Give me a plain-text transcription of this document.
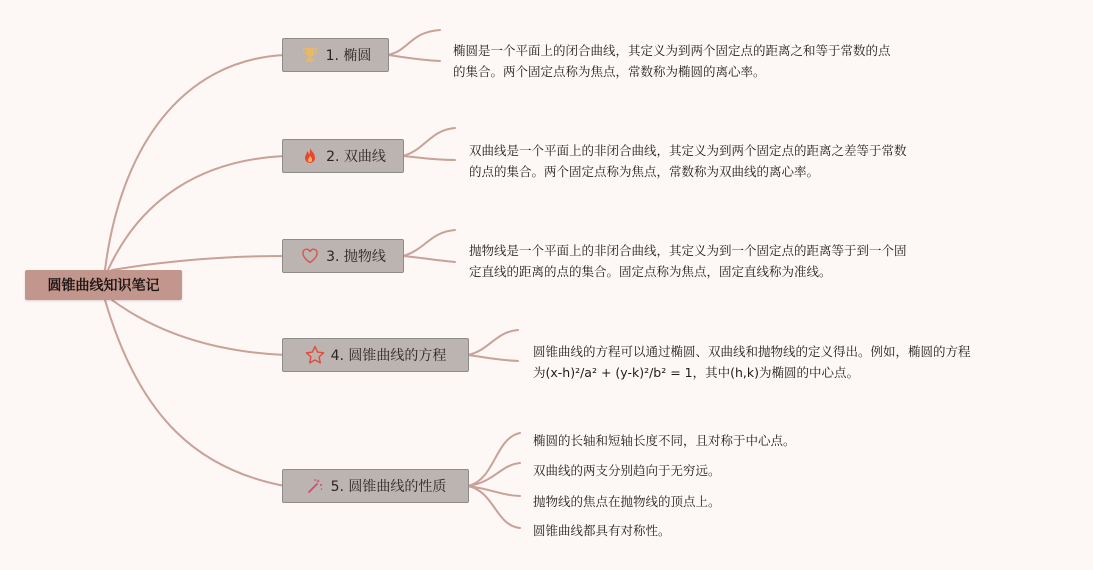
圆锥曲线知识笔记
1. 椭圆	椭圆是一个平面上的闭合曲线，其定义为到两个固定点的距离之和等于常数的点
的集合。两个固定点称为焦点，常数称为椭圆的离心率。
2. 双曲线	双曲线是一个平面上的非闭合曲线，其定义为到两个固定点的距离之差等于常数
的点的集合。两个固定点称为焦点，常数称为双曲线的离心率。
3. 抛物线	抛物线是一个平面上的非闭合曲线，其定义为到一个固定点的距离等于到一个固
定直线的距离的点的集合。固定点称为焦点，固定直线称为准线。
4. 圆锥曲线的方程	圆锥曲线的方程可以通过椭圆、双曲线和抛物线的定义得出。例如，椭圆的方程
为(x-h)²/a² + (y-k)²/b² = 1，其中(h,k)为椭圆的中心点。
5. 圆锥曲线的性质
椭圆的长轴和短轴长度不同，且对称于中心点。
双曲线的两支分别趋向于无穷远。
抛物线的焦点在抛物线的顶点上。
圆锥曲线都具有对称性。
